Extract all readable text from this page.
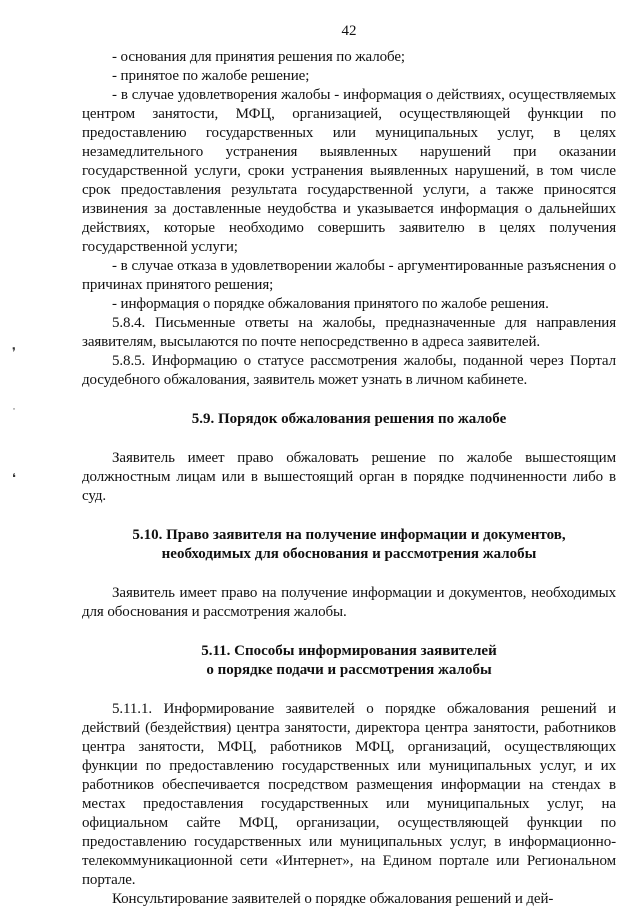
❜
˙
❛
42

- основания для принятия решения по жалобе;

- принятое по жалобе решение;

- в случае удовлетворения жалобы - информация о действиях, осуществляемых центром занятости, МФЦ, организацией, осуществляющей функции по предоставлению государственных или муниципальных услуг, в целях незамедлительного устранения выявленных нарушений при оказании государственной услуги, сроки устранения выявленных нарушений, в том числе срок предоставления результата государственной услуги, а также приносятся извинения за доставленные неудобства и указывается информация о дальнейших действиях, которые необходимо совершить заявителю в целях получения государственной услуги;

- в случае отказа в удовлетворении жалобы - аргументированные разъяснения о причинах принятого решения;

- информация о порядке обжалования принятого по жалобе решения.

5.8.4. Письменные ответы на жалобы, предназначенные для направления заявителям, высылаются по почте непосредственно в адреса заявителей.

5.8.5. Информацию о статусе рассмотрения жалобы, поданной через Портал досудебного обжалования, заявитель может узнать в личном кабинете.

5.9. Порядок обжалования решения по жалобе

Заявитель имеет право обжаловать решение по жалобе вышестоящим должностным лицам или в вышестоящий орган в порядке подчиненности либо в суд.

5.10. Право заявителя на получение информации и документов,
необходимых для обоснования и рассмотрения жалобы

Заявитель имеет право на получение информации и документов, необходимых для обоснования и рассмотрения жалобы.

5.11. Способы информирования заявителей
о порядке подачи и рассмотрения жалобы

5.11.1. Информирование заявителей о порядке обжалования решений и действий (бездействия) центра занятости, директора центра занятости, работников центра занятости, МФЦ, работников МФЦ, организаций, осуществляющих функции по предоставлению государственных или муниципальных услуг, и их работников обеспечивается посредством размещения информации на стендах в местах предоставления государственных или муниципальных услуг, на официальном сайте МФЦ, организации, осуществляющей функции по предоставлению государственных или муниципальных услуг, в информационно-телекоммуникационной сети «Интернет», на Едином портале или Региональном портале.

Консультирование заявителей о порядке обжалования решений и дей-
